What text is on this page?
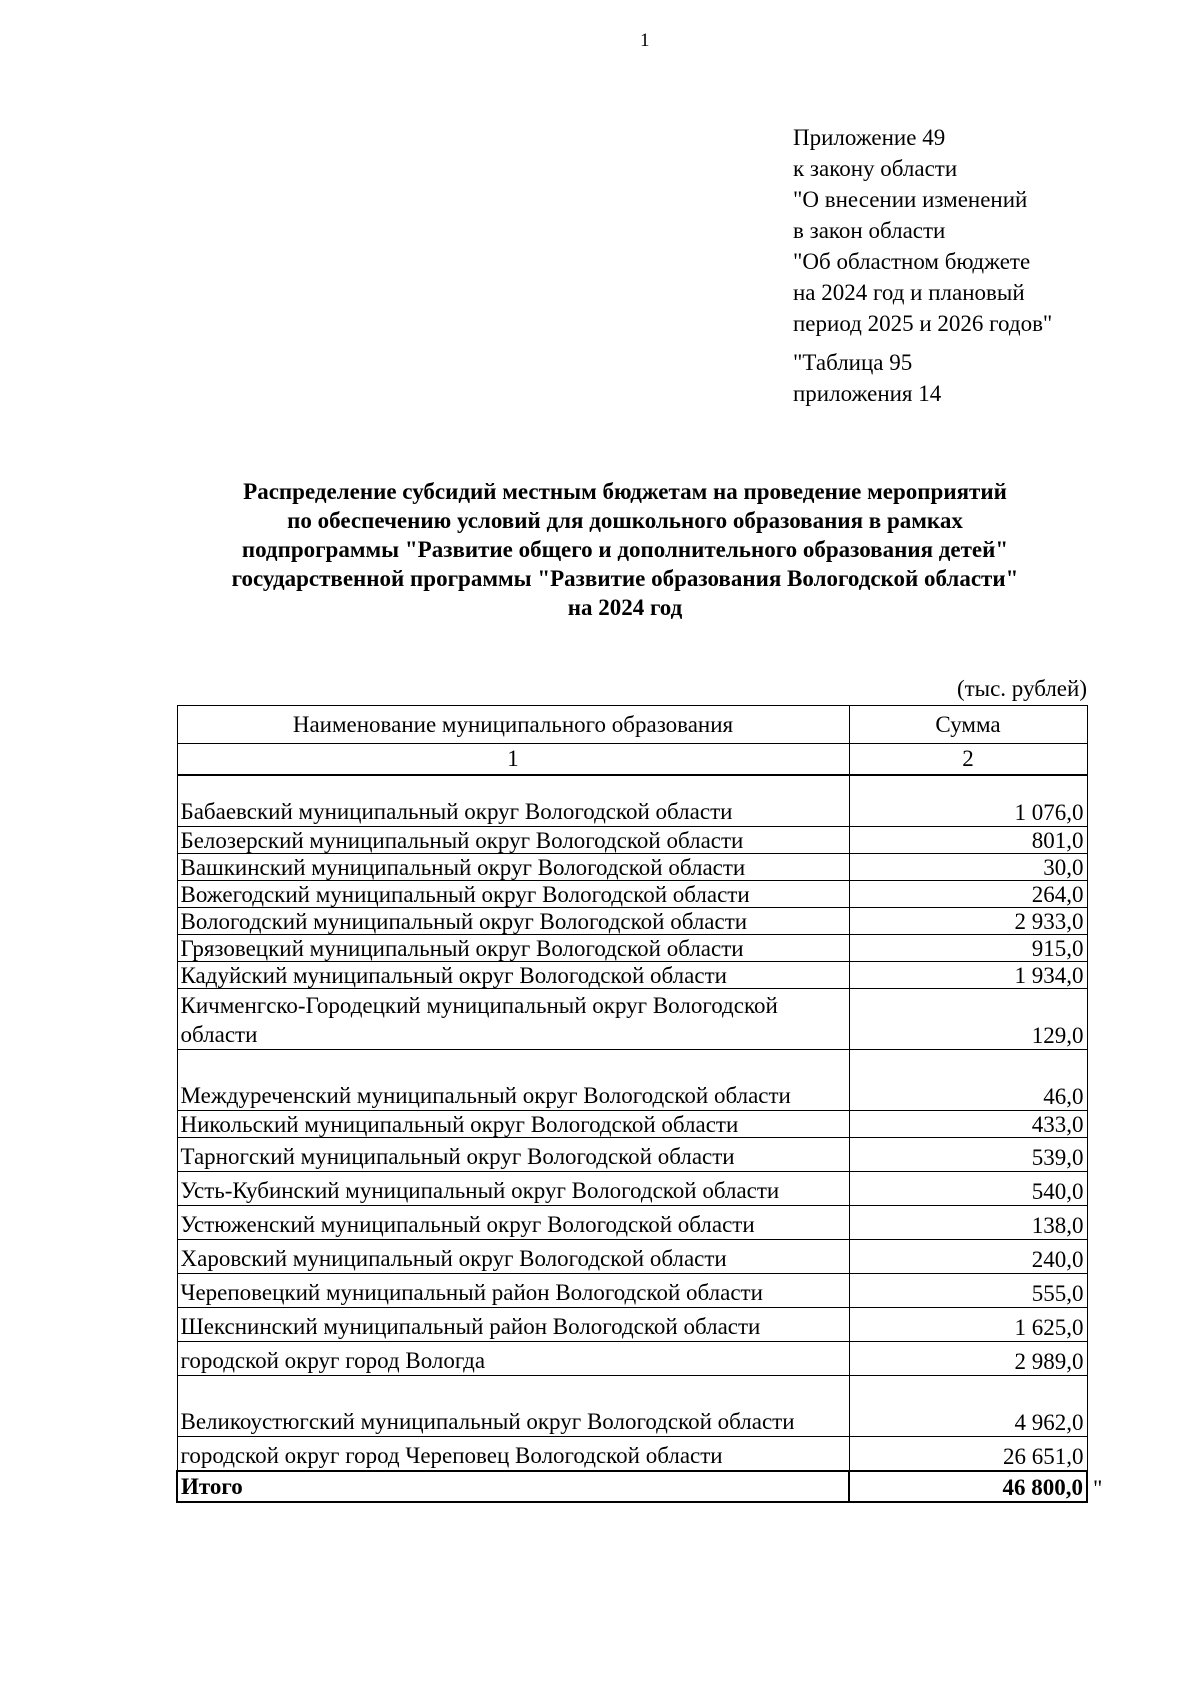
1
Приложение 49
к закону области
"О внесении изменений
в закон области
"Об областном бюджете
на 2024 год и плановый
период 2025 и 2026 годов"
"Таблица 95
приложения 14
Распределение субсидий местным бюджетам на проведение мероприятий
по обеспечению условий для дошкольного образования в рамках
подпрограммы "Развитие общего и дополнительного образования детей"
государственной программы "Развитие образования Вологодской области"
на 2024 год
(тыс. рублей)
Наименование муниципального образования	Сумма
1	2
Бабаевский муниципальный округ Вологодской области	1 076,0
Белозерский муниципальный округ Вологодской области	801,0
Вашкинский муниципальный округ Вологодской области	30,0
Вожегодский муниципальный округ Вологодской области	264,0
Вологодский муниципальный округ Вологодской области	2 933,0
Грязовецкий муниципальный округ Вологодской области	915,0
Кадуйский муниципальный округ Вологодской области	1 934,0
Кичменгско-Городецкий муниципальный округ Вологодской области	129,0
Междуреченский муниципальный округ Вологодской области	46,0
Никольский муниципальный округ Вологодской области	433,0
Тарногский муниципальный округ Вологодской области	539,0
Усть-Кубинский муниципальный округ Вологодской области	540,0
Устюженский муниципальный округ Вологодской области	138,0
Харовский муниципальный округ Вологодской области	240,0
Череповецкий муниципальный район Вологодской области	555,0
Шекснинский муниципальный район Вологодской области	1 625,0
городской округ город Вологда	2 989,0
Великоустюгский муниципальный округ Вологодской области	4 962,0
городской округ город Череповец Вологодской области	26 651,0
Итого	46 800,0 "
